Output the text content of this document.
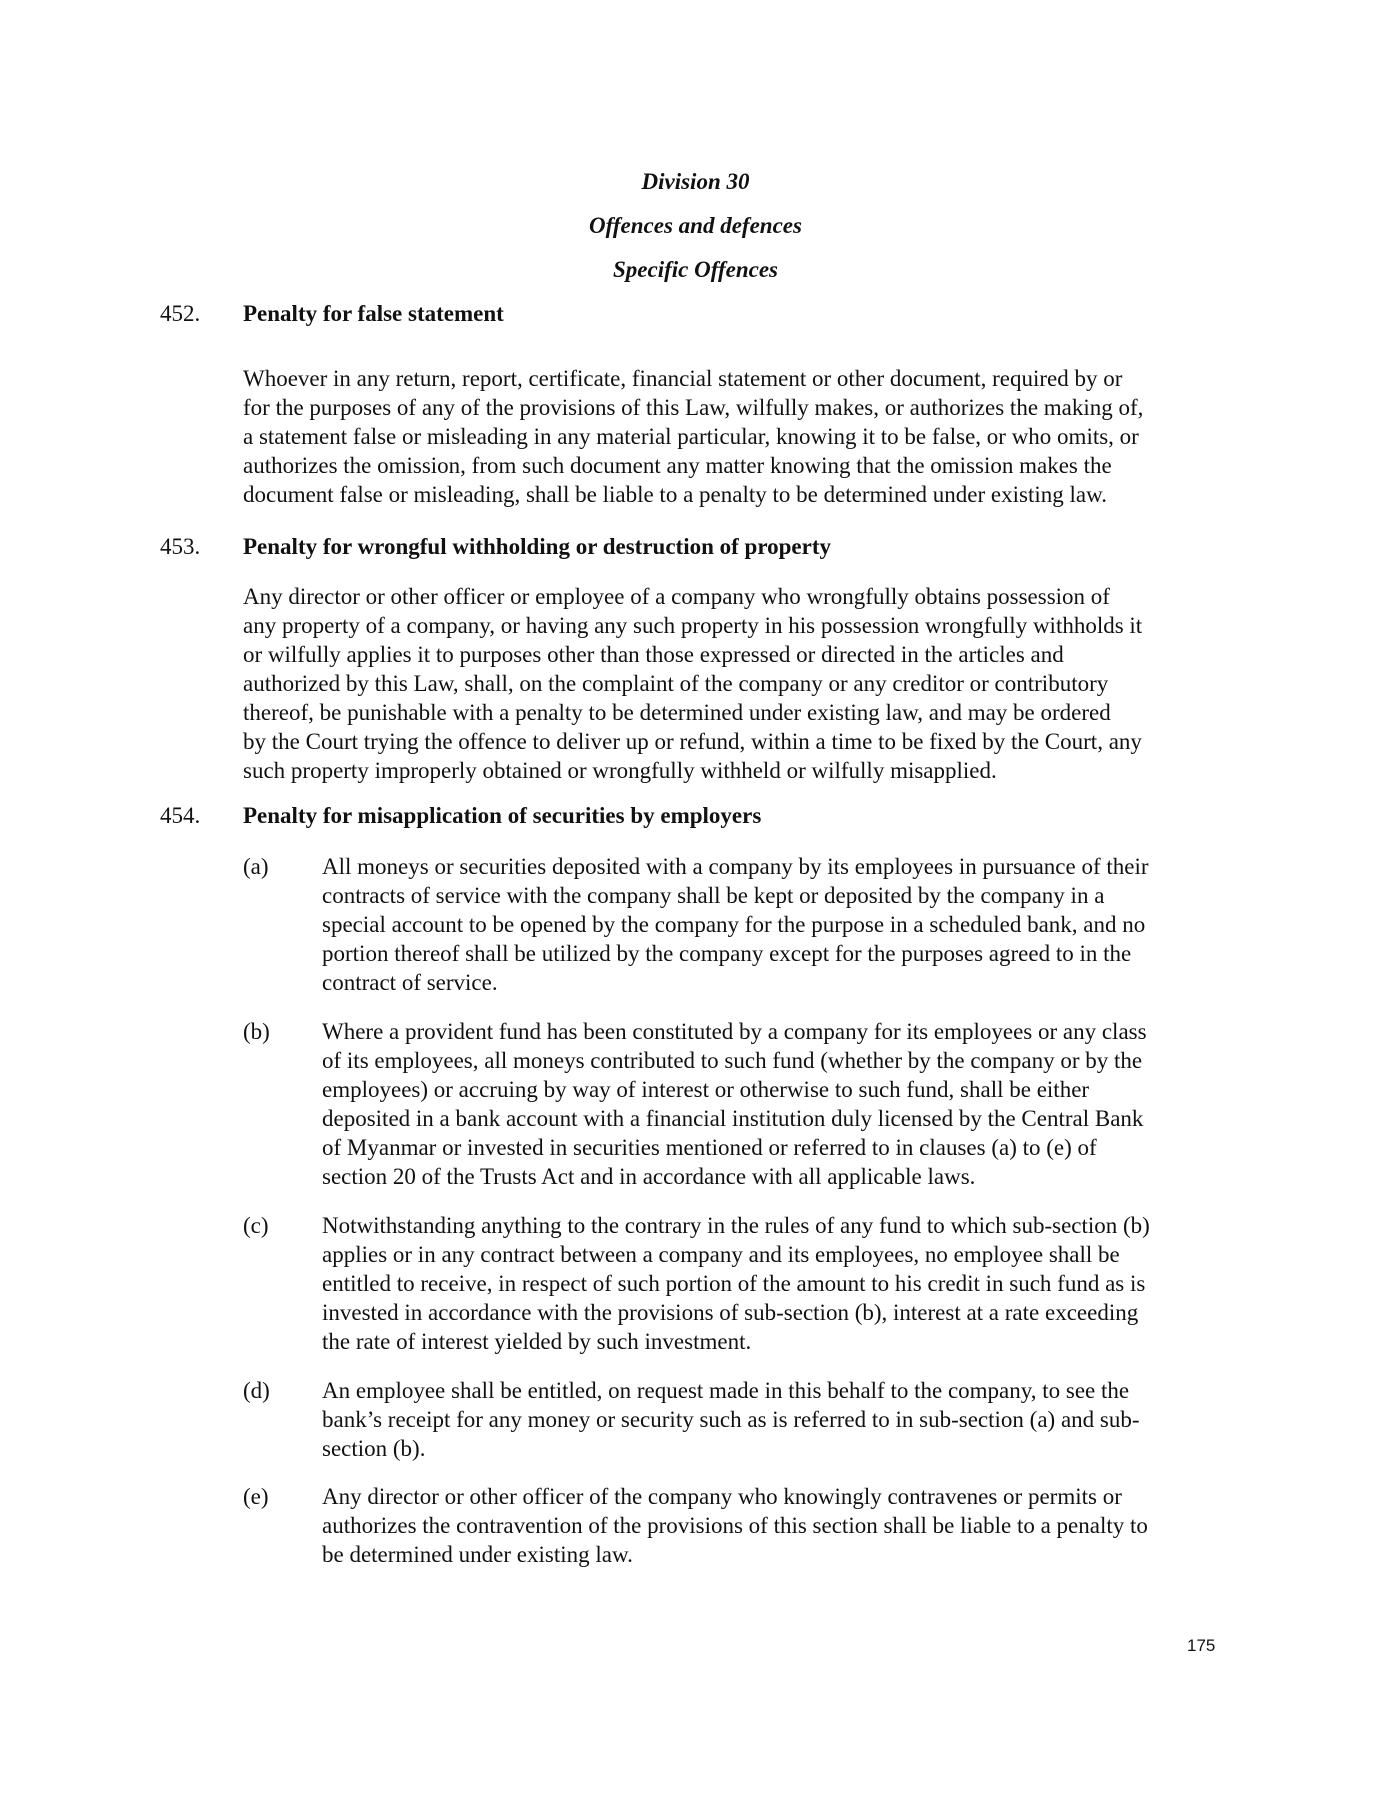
Division 30
Offences and defences
Specific Offences
452. Penalty for false statement
Whoever in any return, report, certificate, financial statement or other document, required by or
for the purposes of any of the provisions of this Law, wilfully makes, or authorizes the making of,
a statement false or misleading in any material particular, knowing it to be false, or who omits, or
authorizes the omission, from such document any matter knowing that the omission makes the
document false or misleading, shall be liable to a penalty to be determined under existing law.
453. Penalty for wrongful withholding or destruction of property
Any director or other officer or employee of a company who wrongfully obtains possession of
any property of a company, or having any such property in his possession wrongfully withholds it
or wilfully applies it to purposes other than those expressed or directed in the articles and
authorized by this Law, shall, on the complaint of the company or any creditor or contributory
thereof, be punishable with a penalty to be determined under existing law, and may be ordered
by the Court trying the offence to deliver up or refund, within a time to be fixed by the Court, any
such property improperly obtained or wrongfully withheld or wilfully misapplied.
454. Penalty for misapplication of securities by employers
(a) All moneys or securities deposited with a company by its employees in pursuance of their
contracts of service with the company shall be kept or deposited by the company in a
special account to be opened by the company for the purpose in a scheduled bank, and no
portion thereof shall be utilized by the company except for the purposes agreed to in the
contract of service.
(b) Where a provident fund has been constituted by a company for its employees or any class
of its employees, all moneys contributed to such fund (whether by the company or by the
employees) or accruing by way of interest or otherwise to such fund, shall be either
deposited in a bank account with a financial institution duly licensed by the Central Bank
of Myanmar or invested in securities mentioned or referred to in clauses (a) to (e) of
section 20 of the Trusts Act and in accordance with all applicable laws.
(c) Notwithstanding anything to the contrary in the rules of any fund to which sub-section (b)
applies or in any contract between a company and its employees, no employee shall be
entitled to receive, in respect of such portion of the amount to his credit in such fund as is
invested in accordance with the provisions of sub-section (b), interest at a rate exceeding
the rate of interest yielded by such investment.
(d) An employee shall be entitled, on request made in this behalf to the company, to see the
bank’s receipt for any money or security such as is referred to in sub-section (a) and sub-
section (b).
(e) Any director or other officer of the company who knowingly contravenes or permits or
authorizes the contravention of the provisions of this section shall be liable to a penalty to
be determined under existing law.
175
